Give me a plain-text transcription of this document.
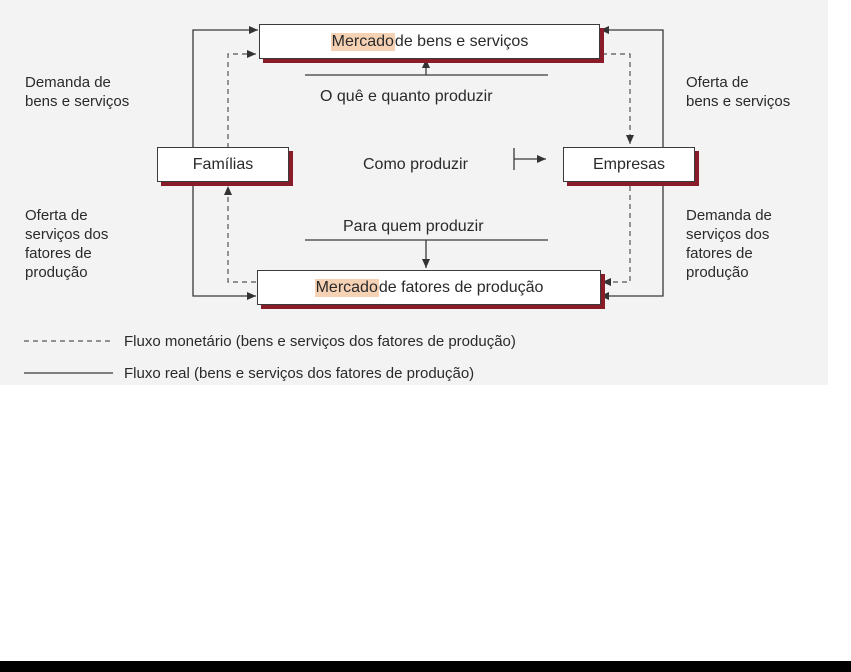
Mercado de bens e serviços
Mercado de fatores de produção
Famílias	Empresas
O quê e quanto produzir
Como produzir
Para quem produzir
Demanda de
bens e serviços
Oferta de
serviços dos
fatores de
produção
Oferta de
bens e serviços
Demanda de
serviços dos
fatores de
produção
Fluxo monetário (bens e serviços dos fatores de produção)
Fluxo real (bens e serviços dos fatores de produção)
